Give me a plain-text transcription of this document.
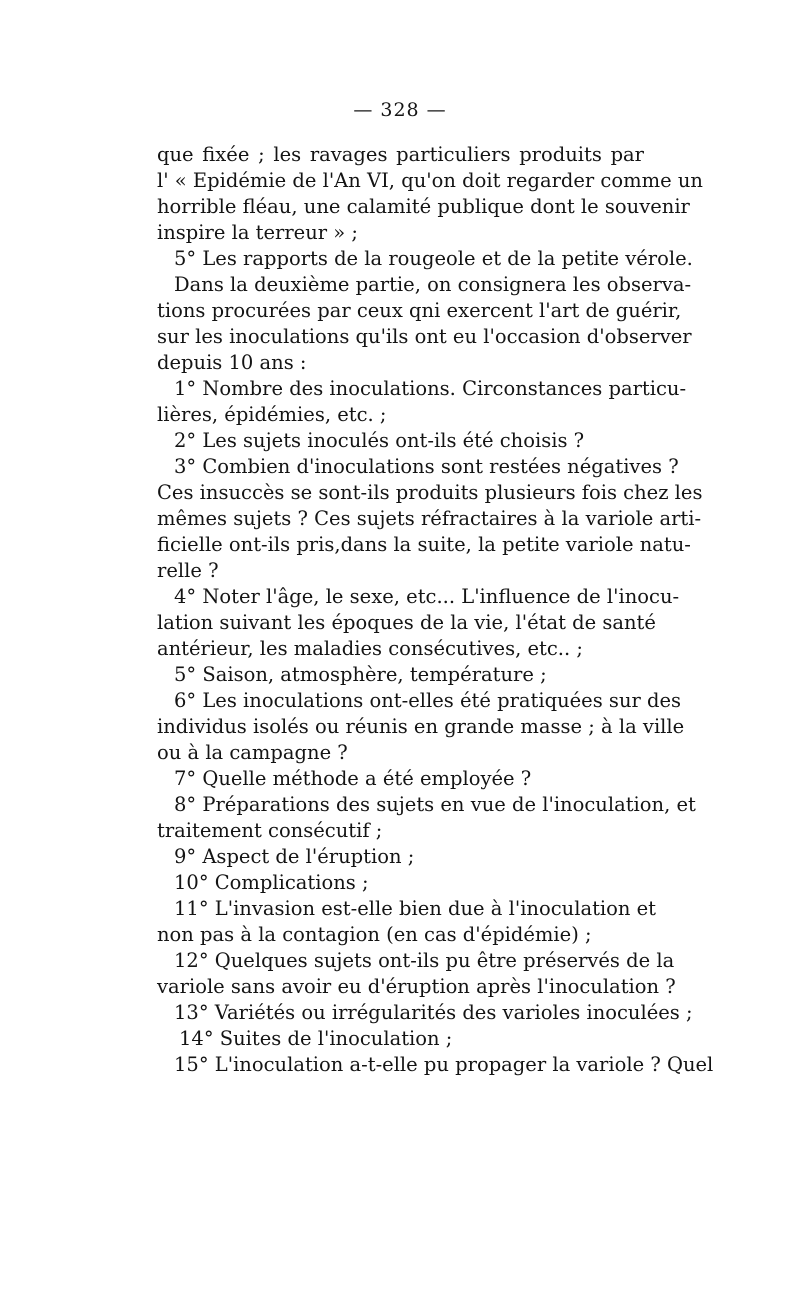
— 328 —
que fixée ; les ravages particuliers produits par
l' « Epidémie de l'An VI, qu'on doit regarder comme un
horrible fléau, une calamité publique dont le souvenir
inspire la terreur » ;
5° Les rapports de la rougeole et de la petite vérole.
Dans la deuxième partie, on consignera les observa-
tions procurées par ceux qni exercent l'art de guérir,
sur les inoculations qu'ils ont eu l'occasion d'observer
depuis 10 ans :
1° Nombre des inoculations. Circonstances particu-
lières, épidémies, etc. ;
2° Les sujets inoculés ont-ils été choisis ?
3° Combien d'inoculations sont restées négatives ?
Ces insuccès se sont-ils produits plusieurs fois chez les
mêmes sujets ? Ces sujets réfractaires à la variole arti-
ficielle ont-ils pris,dans la suite, la petite variole natu-
relle ?
4° Noter l'âge, le sexe, etc... L'influence de l'inocu-
lation suivant les époques de la vie, l'état de santé
antérieur, les maladies consécutives, etc.. ;
5° Saison, atmosphère, température ;
6° Les inoculations ont-elles été pratiquées sur des
individus isolés ou réunis en grande masse ; à la ville
ou à la campagne ?
7° Quelle méthode a été employée ?
8° Préparations des sujets en vue de l'inoculation, et
traitement consécutif ;
9° Aspect de l'éruption ;
10° Complications ;
11° L'invasion est-elle bien due à l'inoculation et
non pas à la contagion (en cas d'épidémie) ;
12° Quelques sujets ont-ils pu être préservés de la
variole sans avoir eu d'éruption après l'inoculation ?
13° Variétés ou irrégularités des varioles inoculées ;
14° Suites de l'inoculation ;
15° L'inoculation a-t-elle pu propager la variole ? Quel
